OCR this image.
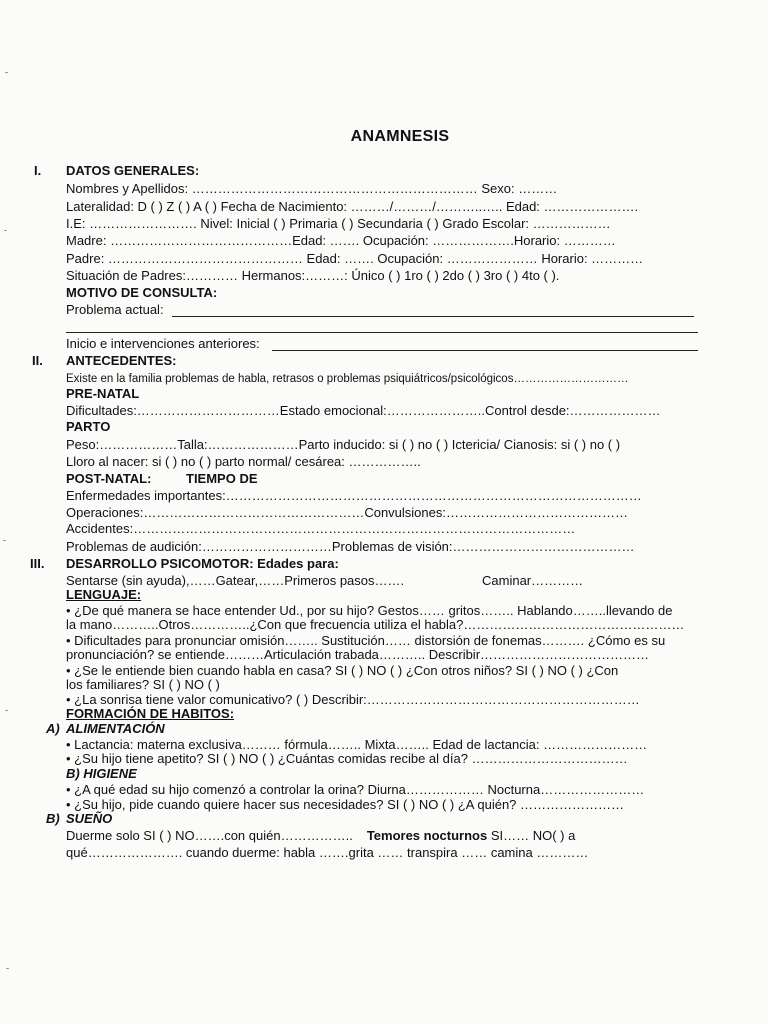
ANAMNESIS
I. DATOS GENERALES:
Nombres y Apellidos: ………………………………………………………… Sexo: ………
Lateralidad: D ( ) Z ( ) A ( ) Fecha de Nacimiento: ………/………/………..….. Edad: ………………….
I.E: ……………………. Nivel: Inicial ( ) Primaria ( ) Secundaria ( ) Grado Escolar: ………………
Madre: ……………………………………Edad: ……. Ocupación: ……………….Horario: …………
Padre: ……………………………………… Edad: ……. Ocupación: ………………… Horario: …………
Situación de Padres:………… Hermanos:………: Único ( ) 1ro ( ) 2do ( ) 3ro ( ) 4to ( ).
MOTIVO DE CONSULTA:
Problema actual:
Inicio e intervenciones anteriores:
II. ANTECEDENTES:
Existe en la familia problemas de habla, retrasos o problemas psiquiátricos/psicológicos…………………………
PRE-NATAL
Dificultades:……………………………Estado emocional:…………………..Control desde:…………………
PARTO
Peso:………………Talla:…………………Parto inducido: si ( ) no ( ) Ictericia/ Cianosis: si ( ) no ( )
Lloro al nacer: si ( ) no ( ) parto normal/ cesárea: ……………..
POST-NATAL:	TIEMPO DE
Enfermedades importantes:……………………………………………………………………………………
Operaciones:……………………………………………Convulsiones:……………………………………
Accidentes:…………………………………………………………………………………………
Problemas de audición:…………………………Problemas de visión:……………………………………
III. DESARROLLO PSICOMOTOR: Edades para:
Sentarse (sin ayuda),……Gatear,……Primeros pasos…….	Caminar…………
LENGUAJE:
• ¿De qué manera se hace entender Ud., por su hijo? Gestos…… gritos…….. Hablando……..llevando de
la mano………..Otros…………..¿Con que frecuencia utiliza el habla?……………………………………………
• Dificultades para pronunciar omisión…….. Sustitución…… distorsión de fonemas………. ¿Cómo es su
pronunciación? se entiende………Articulación trabada……….. Describir…………………………………
• ¿Se le entiende bien cuando habla en casa? SI ( ) NO ( ) ¿Con otros niños? SI ( ) NO ( ) ¿Con
los familiares? SI ( ) NO ( )
• ¿La sonrisa tiene valor comunicativo? ( ) Describir:………………………………………………………
FORMACIÓN DE HABITOS:
A) ALIMENTACIÓN
• Lactancia: materna exclusiva……… fórmula…….. Mixta…….. Edad de lactancia: ……………………
• ¿Su hijo tiene apetito? SI ( ) NO ( ) ¿Cuántas comidas recibe al día? ………………………………
B) HIGIENE
• ¿A qué edad su hijo comenzó a controlar la orina? Diurna……………… Nocturna……………………
• ¿Su hijo, pide cuando quiere hacer sus necesidades? SI ( ) NO ( ) ¿A quién? ……………………
B) SUEÑO
Duerme solo SI ( ) NO…….con quién…………….. Temores nocturnos SI…… NO( ) a
qué…………………. cuando duerme: habla …….grita …… transpira …… camina …………
